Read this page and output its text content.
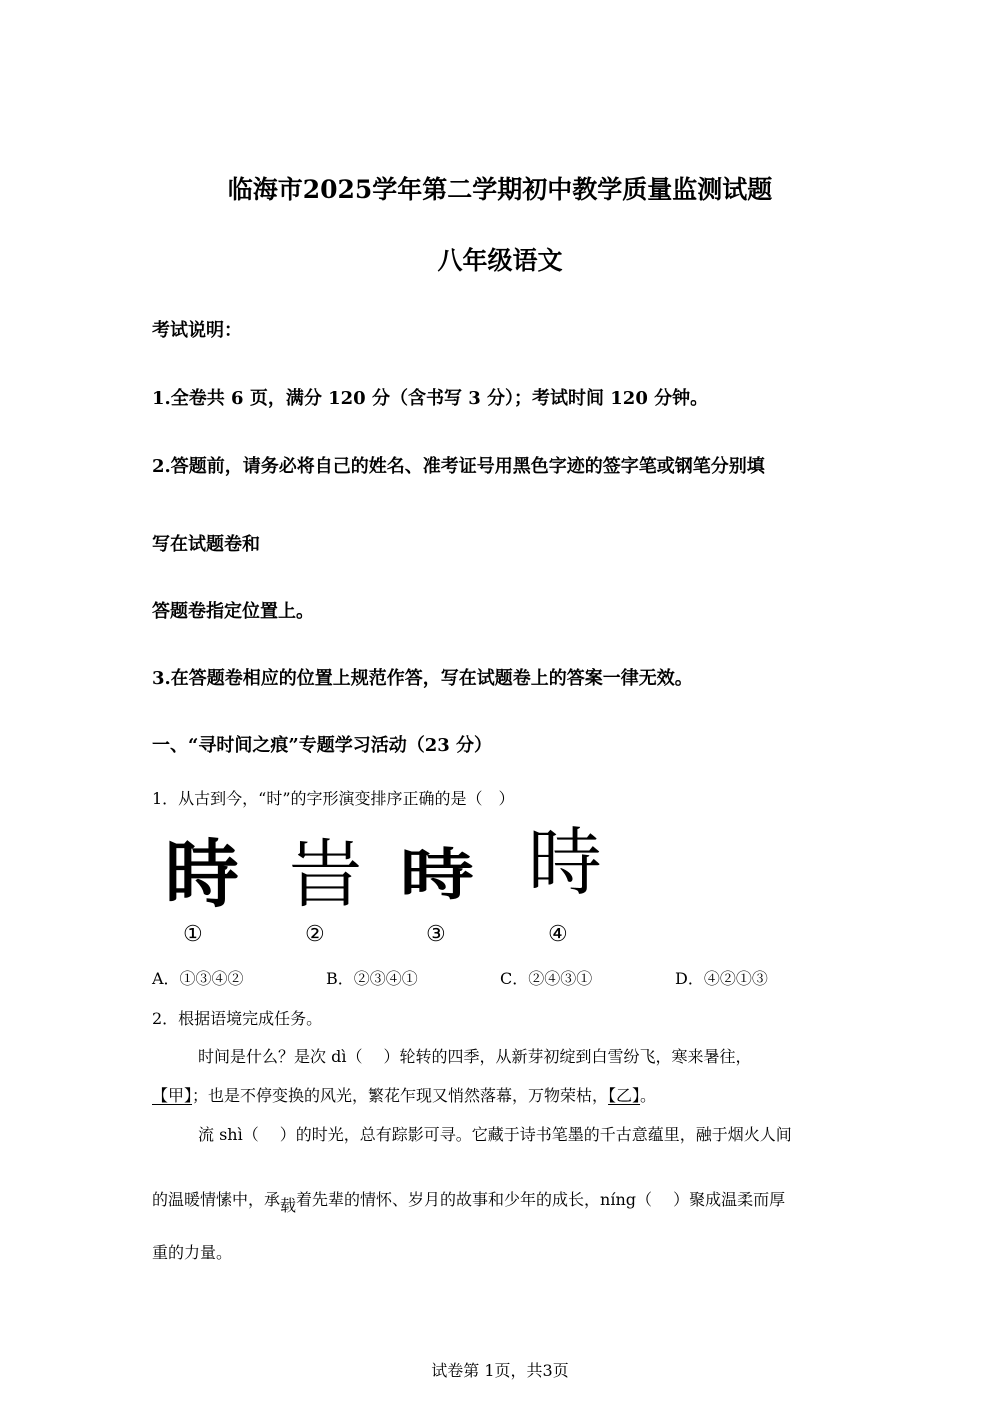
临海市2025学年第二学期初中教学质量监测试题
八年级语文
考试说明：
1.全卷共 6 页，满分 120 分（含书写 3 分）；考试时间 120 分钟。
2.答题前，请务必将自己的姓名、准考证号用黑色字迹的签字笔或钢笔分别填
写在试题卷和
答题卷指定位置上。
3.在答题卷相应的位置上规范作答，写在试题卷上的答案一律无效。
一、“寻时间之痕”专题学习活动（23 分）
1．从古到今，“时”的字形演变排序正确的是（　）
時 旹 時 時
①	②	③	④
A．①③④②	B．②③④①	C．②④③①	D．④②①③
2．根据语境完成任务。
时间是什么？是次 dì（　 ）轮转的四季，从新芽初绽到白雪纷飞，寒来暑往，
【甲】；也是不停变换的风光，繁花乍现又悄然落幕，万物荣枯，【乙】。
流 shì（　 ）的时光，总有踪影可寻。它藏于诗书笔墨的千古意蕴里，融于烟火人间
的温暖情愫中，承载着先辈的情怀、岁月的故事和少年的成长，níng（　 ）聚成温柔而厚
重的力量。
试卷第 1页，共3页
